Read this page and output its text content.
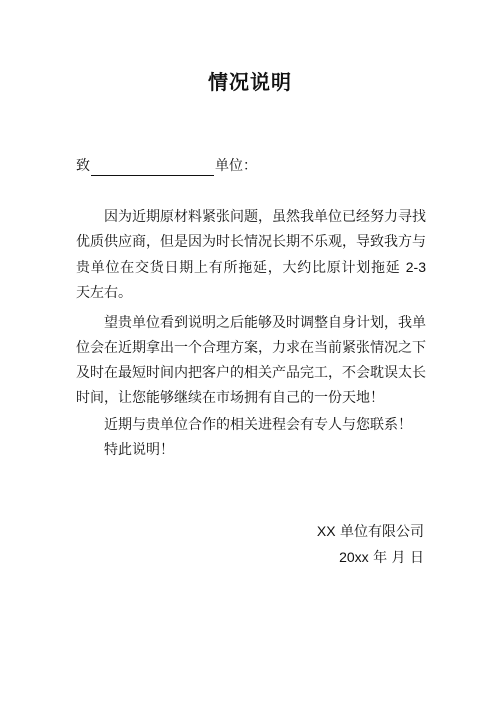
情况说明
致	单位：
因为近期原材料紧张问题，虽然我单位已经努力寻找优质供应商，但是因为时长情况长期不乐观，导致我方与贵单位在交货日期上有所拖延，大约比原计划拖延 2-3 天左右。
望贵单位看到说明之后能够及时调整自身计划，我单位会在近期拿出一个合理方案，力求在当前紧张情况之下及时在最短时间内把客户的相关产品完工，不会耽误太长时间，让您能够继续在市场拥有自己的一份天地！
近期与贵单位合作的相关进程会有专人与您联系！
特此说明！
XX 单位有限公司
20xx 年 月 日
